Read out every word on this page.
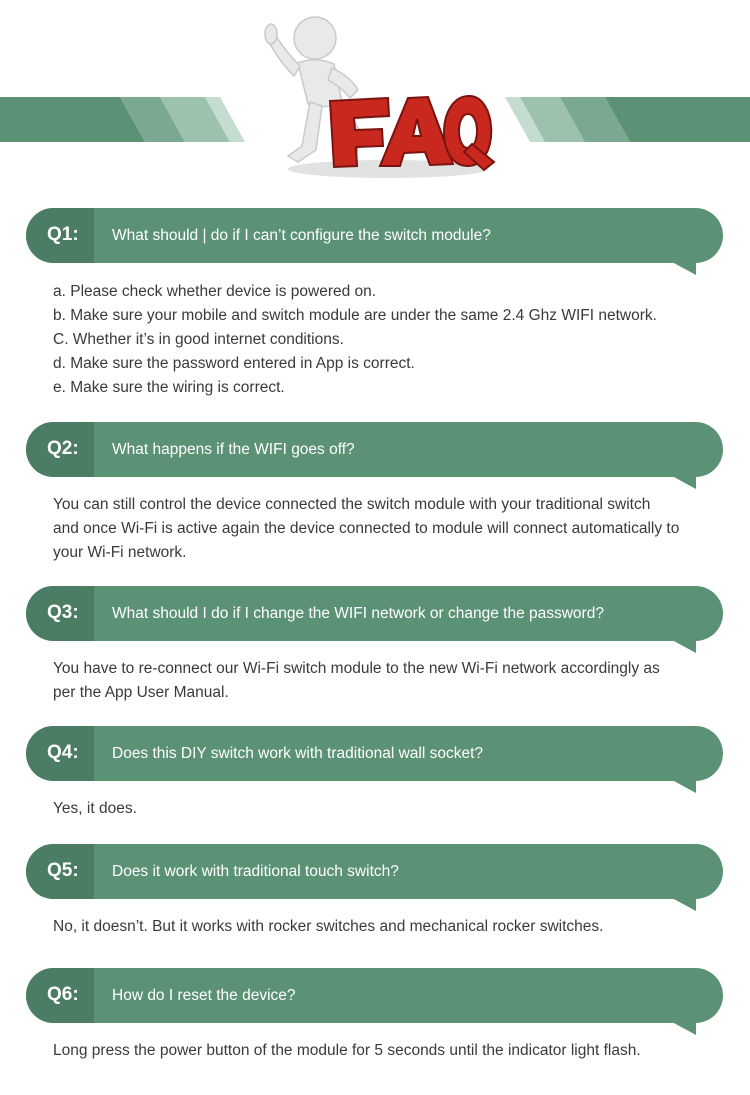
Q1: What should | do if I can’t configure the switch module?
a. Please check whether device is powered on.
b. Make sure your mobile and switch module are under the same 2.4 Ghz WIFI network.
C. Whether it’s in good internet conditions.
d. Make sure the password entered in App is correct.
e. Make sure the wiring is correct.
Q2: What happens if the WIFI goes off?
You can still control the device connected the switch module with your traditional switch
and once Wi-Fi is active again the device connected to module will connect automatically to
your Wi-Fi network.
Q3: What should I do if I change the WIFI network or change the password?
You have to re-connect our Wi-Fi switch module to the new Wi-Fi network accordingly as
per the App User Manual.
Q4: Does this DIY switch work with traditional wall socket?
Yes, it does.
Q5: Does it work with traditional touch switch?
No, it doesn’t. But it works with rocker switches and mechanical rocker switches.
Q6: How do I reset the device?
Long press the power button of the module for 5 seconds until the indicator light flash.
